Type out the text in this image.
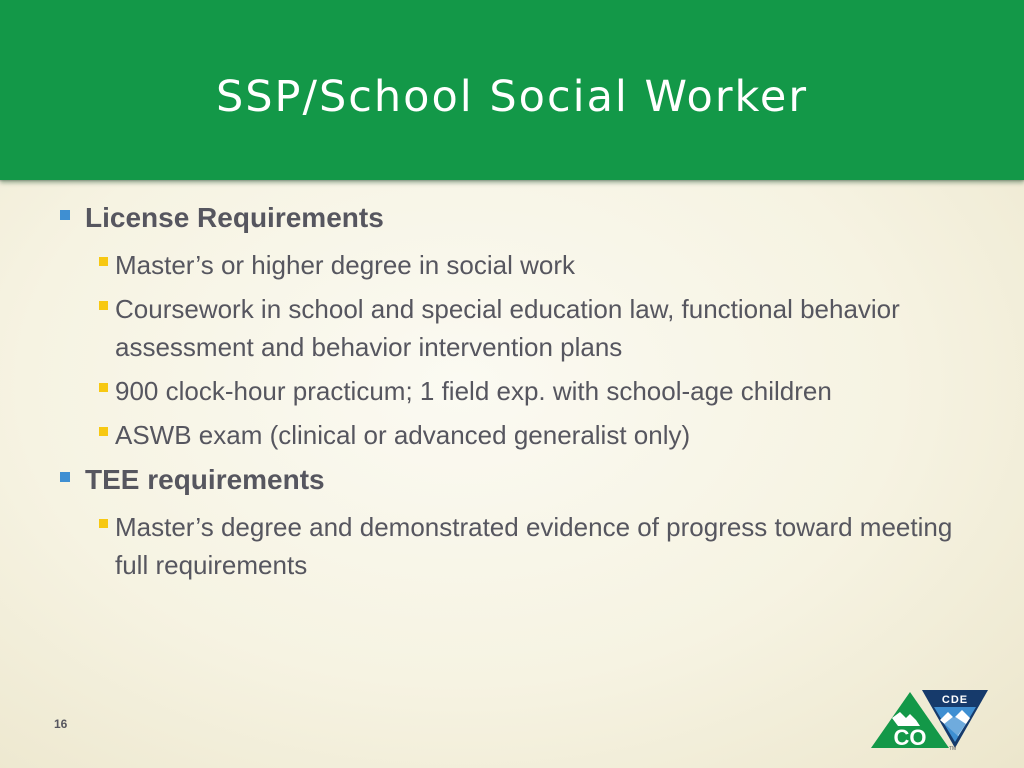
SSP/School Social Worker
License Requirements
Master’s or higher degree in social work
Coursework in school and special education law, functional behavior assessment and behavior intervention plans
900 clock-hour practicum; 1 field exp. with school-age children
ASWB exam (clinical or advanced generalist only)
TEE requirements
Master’s degree and demonstrated evidence of progress toward meeting full requirements
16
CO
CDE
TM
